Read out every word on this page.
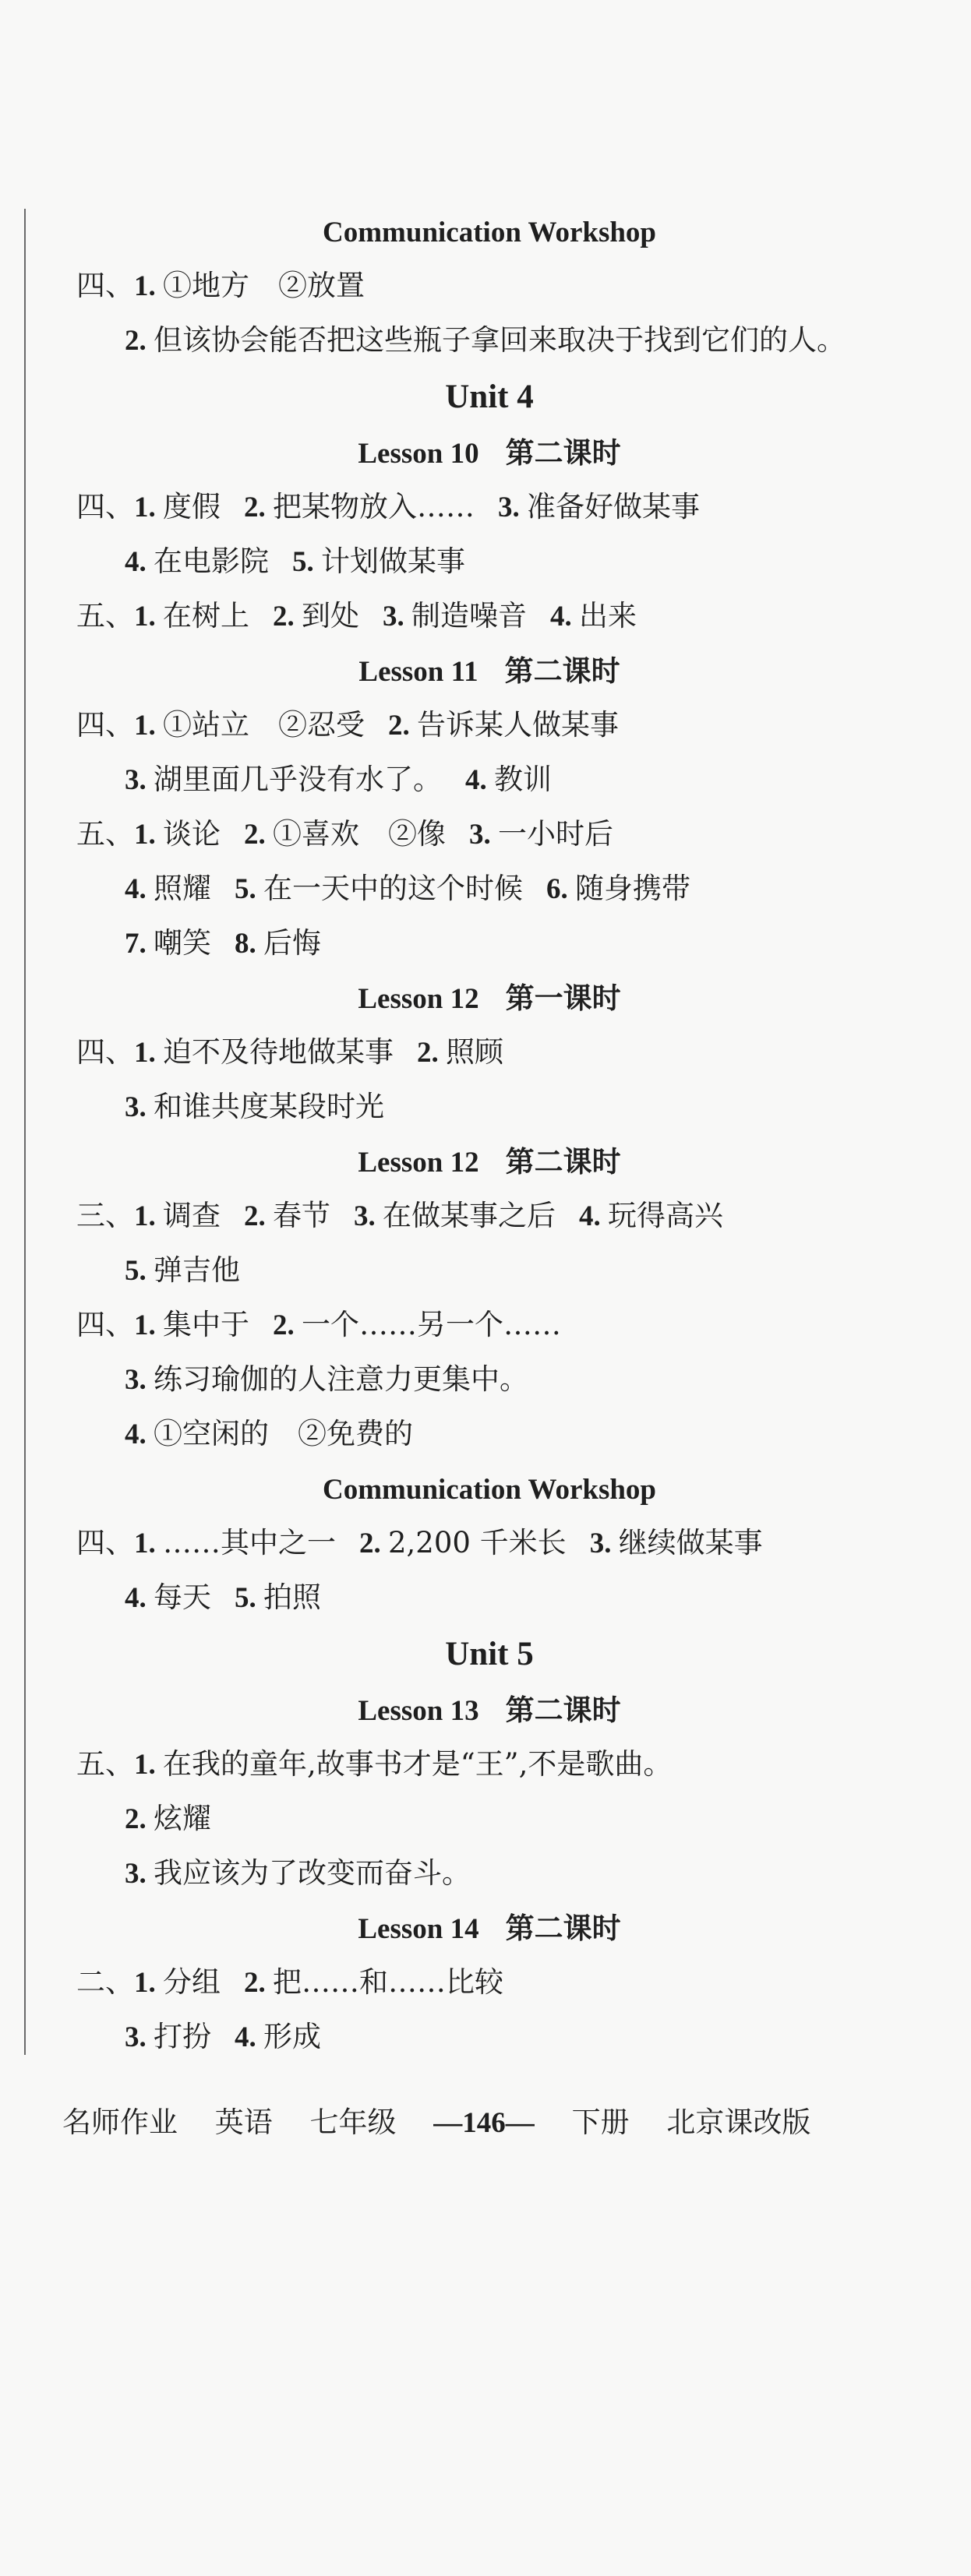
Communication Workshop
四、1. ①地方　②放置
2. 但该协会能否把这些瓶子拿回来取决于找到它们的人。
Unit 4
Lesson 10 第二课时
四、1. 度假 2. 把某物放入…… 3. 准备好做某事
4. 在电影院 5. 计划做某事
五、1. 在树上 2. 到处 3. 制造噪音 4. 出来
Lesson 11 第二课时
四、1. ①站立　②忍受 2. 告诉某人做某事
3. 湖里面几乎没有水了。 4. 教训
五、1. 谈论 2. ①喜欢　②像 3. 一小时后
4. 照耀 5. 在一天中的这个时候 6. 随身携带
7. 嘲笑 8. 后悔
Lesson 12 第一课时
四、1. 迫不及待地做某事 2. 照顾
3. 和谁共度某段时光
Lesson 12 第二课时
三、1. 调查 2. 春节 3. 在做某事之后 4. 玩得高兴
5. 弹吉他
四、1. 集中于 2. 一个……另一个……
3. 练习瑜伽的人注意力更集中。
4. ①空闲的　②免费的
Communication Workshop
四、1. ……其中之一 2. 2,200 千米长 3. 继续做某事
4. 每天 5. 拍照
Unit 5
Lesson 13 第二课时
五、1. 在我的童年,故事书才是“王”,不是歌曲。
2. 炫耀
3. 我应该为了改变而奋斗。
Lesson 14 第二课时
二、1. 分组 2. 把……和……比较
3. 打扮 4. 形成
名师作业 英语 七年级 —146— 下册 北京课改版
